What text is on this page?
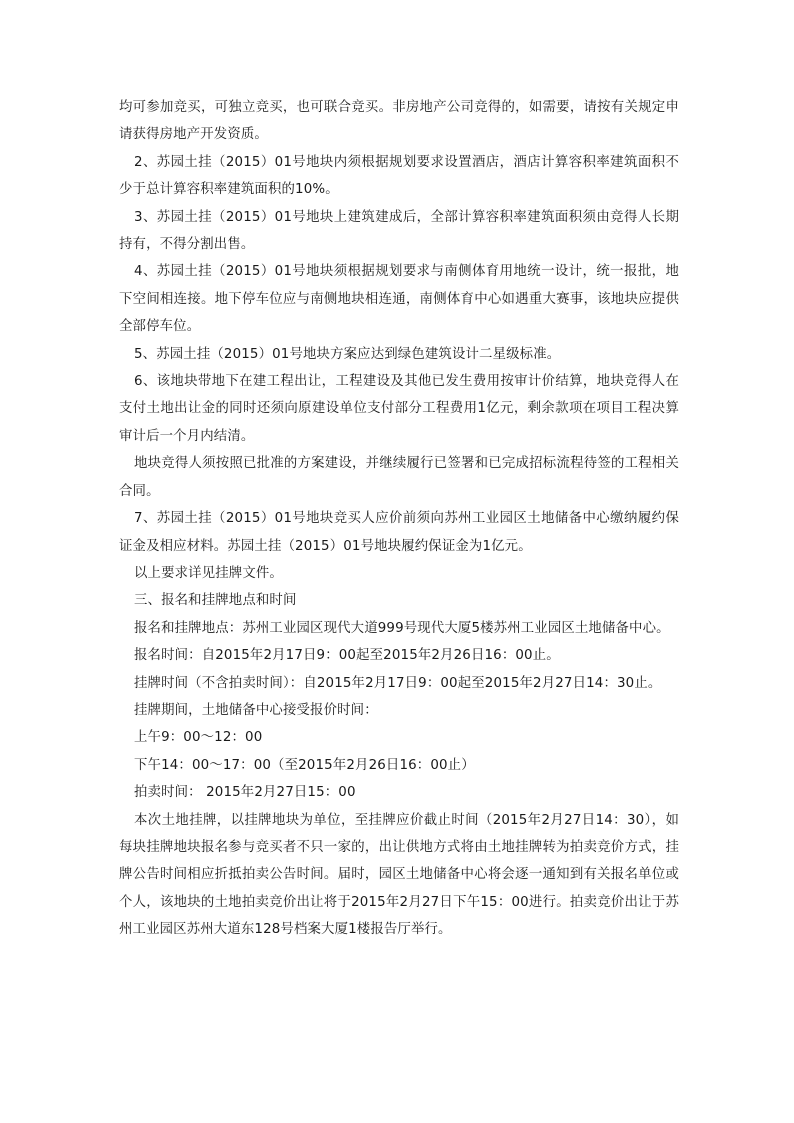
均可参加竞买，可独立竞买，也可联合竞买。非房地产公司竞得的，如需要，请按有关规定申请获得房地产开发资质。

2、苏园土挂（2015）01号地块内须根据规划要求设置酒店，酒店计算容积率建筑面积不少于总计算容积率建筑面积的10%。

3、苏园土挂（2015）01号地块上建筑建成后，全部计算容积率建筑面积须由竞得人长期持有，不得分割出售。

4、苏园土挂（2015）01号地块须根据规划要求与南侧体育用地统一设计，统一报批，地下空间相连接。地下停车位应与南侧地块相连通，南侧体育中心如遇重大赛事，该地块应提供全部停车位。

5、苏园土挂（2015）01号地块方案应达到绿色建筑设计二星级标准。

6、该地块带地下在建工程出让，工程建设及其他已发生费用按审计价结算，地块竞得人在支付土地出让金的同时还须向原建设单位支付部分工程费用1亿元，剩余款项在项目工程决算审计后一个月内结清。

地块竞得人须按照已批准的方案建设，并继续履行已签署和已完成招标流程待签的工程相关合同。

7、苏园土挂（2015）01号地块竞买人应价前须向苏州工业园区土地储备中心缴纳履约保证金及相应材料。苏园土挂（2015）01号地块履约保证金为1亿元。

以上要求详见挂牌文件。

三、报名和挂牌地点和时间

报名和挂牌地点：苏州工业园区现代大道999号现代大厦5楼苏州工业园区土地储备中心。

报名时间：自2015年2月17日9：00起至2015年2月26日16：00止。

挂牌时间（不含拍卖时间）：自2015年2月17日9：00起至2015年2月27日14：30止。

挂牌期间，土地储备中心接受报价时间：

上午9：00～12：00

下午14：00～17：00（至2015年2月26日16：00止）

拍卖时间： 2015年2月27日15：00

本次土地挂牌，以挂牌地块为单位，至挂牌应价截止时间（2015年2月27日14：30），如每块挂牌地块报名参与竞买者不只一家的，出让供地方式将由土地挂牌转为拍卖竞价方式，挂牌公告时间相应折抵拍卖公告时间。届时，园区土地储备中心将会逐一通知到有关报名单位或个人，该地块的土地拍卖竞价出让将于2015年2月27日下午15：00进行。拍卖竞价出让于苏州工业园区苏州大道东128号档案大厦1楼报告厅举行。
